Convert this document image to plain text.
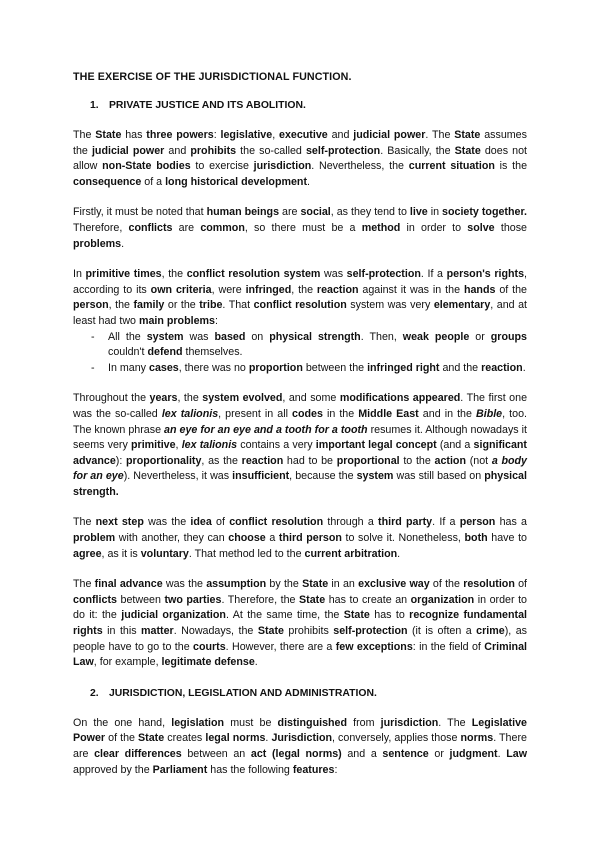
THE EXERCISE OF THE JURISDICTIONAL FUNCTION.
1. PRIVATE JUSTICE AND ITS ABOLITION.

The State has three powers: legislative, executive and judicial power. The State assumes the judicial power and prohibits the so-called self-protection. Basically, the State does not allow non-State bodies to exercise jurisdiction. Nevertheless, the current situation is the consequence of a long historical development.

Firstly, it must be noted that human beings are social, as they tend to live in society together. Therefore, conflicts are common, so there must be a method in order to solve those problems.

In primitive times, the conflict resolution system was self-protection. If a person's rights, according to its own criteria, were infringed, the reaction against it was in the hands of the person, the family or the tribe. That conflict resolution system was very elementary, and at least had two main problems:

- All the system was based on physical strength. Then, weak people or groups couldn't defend themselves.
- In many cases, there was no proportion between the infringed right and the reaction.

Throughout the years, the system evolved, and some modifications appeared. The first one was the so-called lex talionis, present in all codes in the Middle East and in the Bible, too. The known phrase an eye for an eye and a tooth for a tooth resumes it. Although nowadays it seems very primitive, lex talionis contains a very important legal concept (and a significant advance): proportionality, as the reaction had to be proportional to the action (not a body for an eye). Nevertheless, it was insufficient, because the system was still based on physical strength.

The next step was the idea of conflict resolution through a third party. If a person has a problem with another, they can choose a third person to solve it. Nonetheless, both have to agree, as it is voluntary. That method led to the current arbitration.

The final advance was the assumption by the State in an exclusive way of the resolution of conflicts between two parties. Therefore, the State has to create an organization in order to do it: the judicial organization. At the same time, the State has to recognize fundamental rights in this matter. Nowadays, the State prohibits self-protection (it is often a crime), as people have to go to the courts. However, there are a few exceptions: in the field of Criminal Law, for example, legitimate defense.

2. JURISDICTION, LEGISLATION AND ADMINISTRATION.

On the one hand, legislation must be distinguished from jurisdiction. The Legislative Power of the State creates legal norms. Jurisdiction, conversely, applies those norms. There are clear differences between an act (legal norms) and a sentence or judgment. Law approved by the Parliament has the following features:
